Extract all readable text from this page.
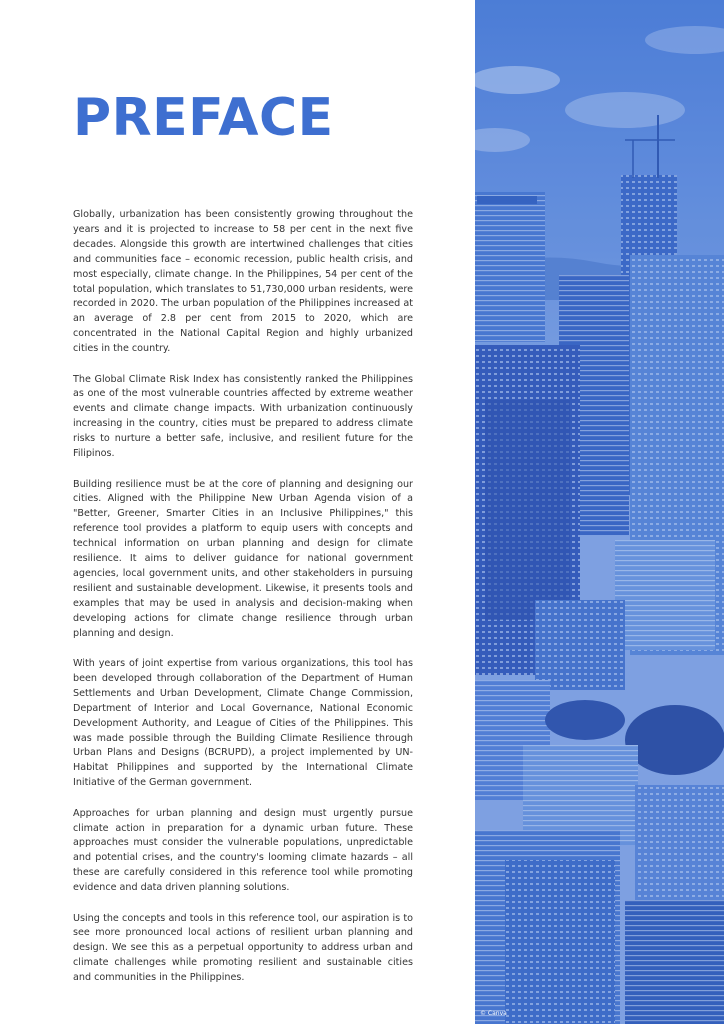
PREFACE

Globally, urbanization has been consistently growing throughout the years and it is projected to increase to 58 per cent in the next five decades. Alongside this growth are intertwined challenges that cities and communities face – economic recession, public health crisis, and most especially, climate change. In the Philippines, 54 per cent of the total population, which translates to 51,730,000 urban residents, were recorded in 2020. The urban population of the Philippines increased at an average of 2.8 per cent from 2015 to 2020, which are concentrated in the National Capital Region and highly urbanized cities in the country.

The Global Climate Risk Index has consistently ranked the Philippines as one of the most vulnerable countries affected by extreme weather events and climate change impacts. With urbanization continuously increasing in the country, cities must be prepared to address climate risks to nurture a better safe, inclusive, and resilient future for the Filipinos.

Building resilience must be at the core of planning and designing our cities. Aligned with the Philippine New Urban Agenda vision of a "Better, Greener, Smarter Cities in an Inclusive Philippines," this reference tool provides a platform to equip users with concepts and technical information on urban planning and design for climate resilience. It aims to deliver guidance for national government agencies, local government units, and other stakeholders in pursuing resilient and sustainable development. Likewise, it presents tools and examples that may be used in analysis and decision-making when developing actions for climate change resilience through urban planning and design.

With years of joint expertise from various organizations, this tool has been developed through collaboration of the Department of Human Settlements and Urban Development, Climate Change Commission, Department of Interior and Local Governance, National Economic Development Authority, and League of Cities of the Philippines. This was made possible through the Building Climate Resilience through Urban Plans and Designs (BCRUPD), a project implemented by UN-Habitat Philippines and supported by the International Climate Initiative of the German government.

Approaches for urban planning and design must urgently pursue climate action in preparation for a dynamic urban future. These approaches must consider the vulnerable populations, unpredictable and potential crises, and the country's looming climate hazards – all these are carefully considered in this reference tool while promoting evidence and data driven planning solutions.

Using the concepts and tools in this reference tool, our aspiration is to see more pronounced local actions of resilient urban planning and design. We see this as a perpetual opportunity to address urban and climate challenges while promoting resilient and sustainable cities and communities in the Philippines.

© Canva
